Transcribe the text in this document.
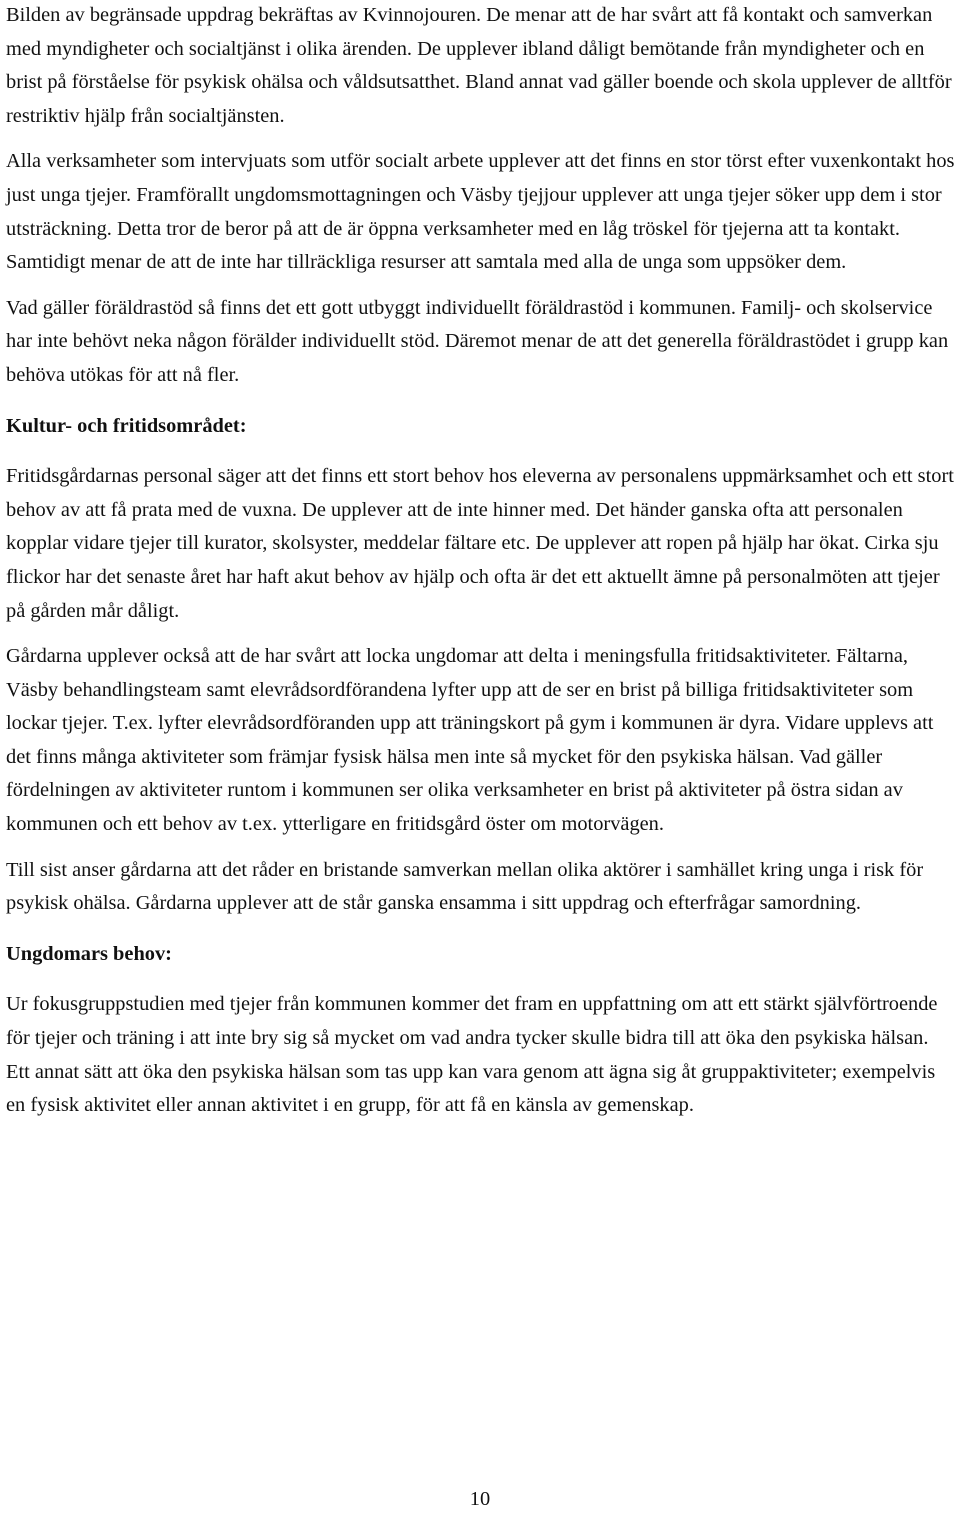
Bilden av begränsade uppdrag bekräftas av Kvinnojouren. De menar att de har svårt att få kontakt och samverkan med myndigheter och socialtjänst i olika ärenden. De upplever ibland dåligt bemötande från myndigheter och en brist på förståelse för psykisk ohälsa och våldsutsatthet. Bland annat vad gäller boende och skola upplever de alltför restriktiv hjälp från socialtjänsten.

Alla verksamheter som intervjuats som utför socialt arbete upplever att det finns en stor törst efter vuxenkontakt hos just unga tjejer. Framförallt ungdomsmottagningen och Väsby tjejjour upplever att unga tjejer söker upp dem i stor utsträckning. Detta tror de beror på att de är öppna verksamheter med en låg tröskel för tjejerna att ta kontakt. Samtidigt menar de att de inte har tillräckliga resurser att samtala med alla de unga som uppsöker dem.

Vad gäller föräldrastöd så finns det ett gott utbyggt individuellt föräldrastöd i kommunen. Familj- och skolservice har inte behövt neka någon förälder individuellt stöd. Däremot menar de att det generella föräldrastödet i grupp kan behöva utökas för att nå fler.

Kultur- och fritidsområdet:

Fritidsgårdarnas personal säger att det finns ett stort behov hos eleverna av personalens uppmärksamhet och ett stort behov av att få prata med de vuxna. De upplever att de inte hinner med. Det händer ganska ofta att personalen kopplar vidare tjejer till kurator, skolsyster, meddelar fältare etc. De upplever att ropen på hjälp har ökat. Cirka sju flickor har det senaste året har haft akut behov av hjälp och ofta är det ett aktuellt ämne på personalmöten att tjejer på gården mår dåligt.

Gårdarna upplever också att de har svårt att locka ungdomar att delta i meningsfulla fritidsaktiviteter. Fältarna, Väsby behandlingsteam samt elevrådsordförandena lyfter upp att de ser en brist på billiga fritidsaktiviteter som lockar tjejer. T.ex. lyfter elevrådsordföranden upp att träningskort på gym i kommunen är dyra. Vidare upplevs att det finns många aktiviteter som främjar fysisk hälsa men inte så mycket för den psykiska hälsan. Vad gäller fördelningen av aktiviteter runtom i kommunen ser olika verksamheter en brist på aktiviteter på östra sidan av kommunen och ett behov av t.ex. ytterligare en fritidsgård öster om motorvägen.

Till sist anser gårdarna att det råder en bristande samverkan mellan olika aktörer i samhället kring unga i risk för psykisk ohälsa. Gårdarna upplever att de står ganska ensamma i sitt uppdrag och efterfrågar samordning.

Ungdomars behov:

Ur fokusgruppstudien med tjejer från kommunen kommer det fram en uppfattning om att ett stärkt självförtroende för tjejer och träning i att inte bry sig så mycket om vad andra tycker skulle bidra till att öka den psykiska hälsan. Ett annat sätt att öka den psykiska hälsan som tas upp kan vara genom att ägna sig åt gruppaktiviteter; exempelvis en fysisk aktivitet eller annan aktivitet i en grupp, för att få en känsla av gemenskap.

10
